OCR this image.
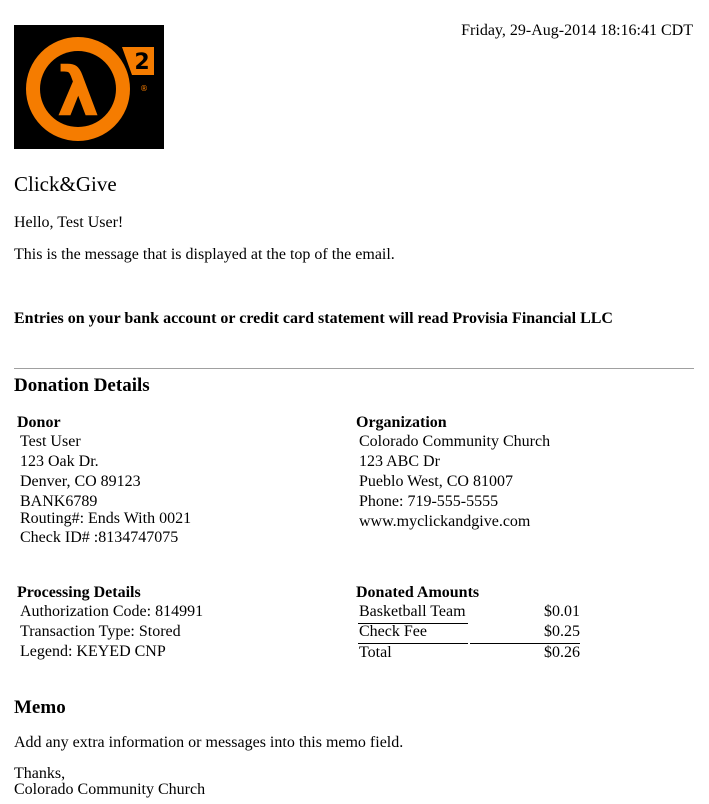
Friday, 29-Aug-2014 18:16:41 CDT
λ 2
®
Click&Give
Hello, Test User!
This is the message that is displayed at the top of the email.
Entries on your bank account or credit card statement will read Provisia Financial LLC
Donation Details
Donor
Test User
123 Oak Dr.
Denver, CO 89123
BANK6789
Routing#: Ends With 0021
Check ID# :8134747075
Organization
Colorado Community Church
123 ABC Dr
Pueblo West, CO 81007
Phone: 719-555-5555
www.myclickandgive.com
Processing Details
Authorization Code: 814991
Transaction Type: Stored
Legend: KEYED CNP
Donated Amounts
Basketball Team	$0.01
Check Fee	$0.25
Total	$0.26
Memo
Add any extra information or messages into this memo field.
Thanks,
Colorado Community Church
